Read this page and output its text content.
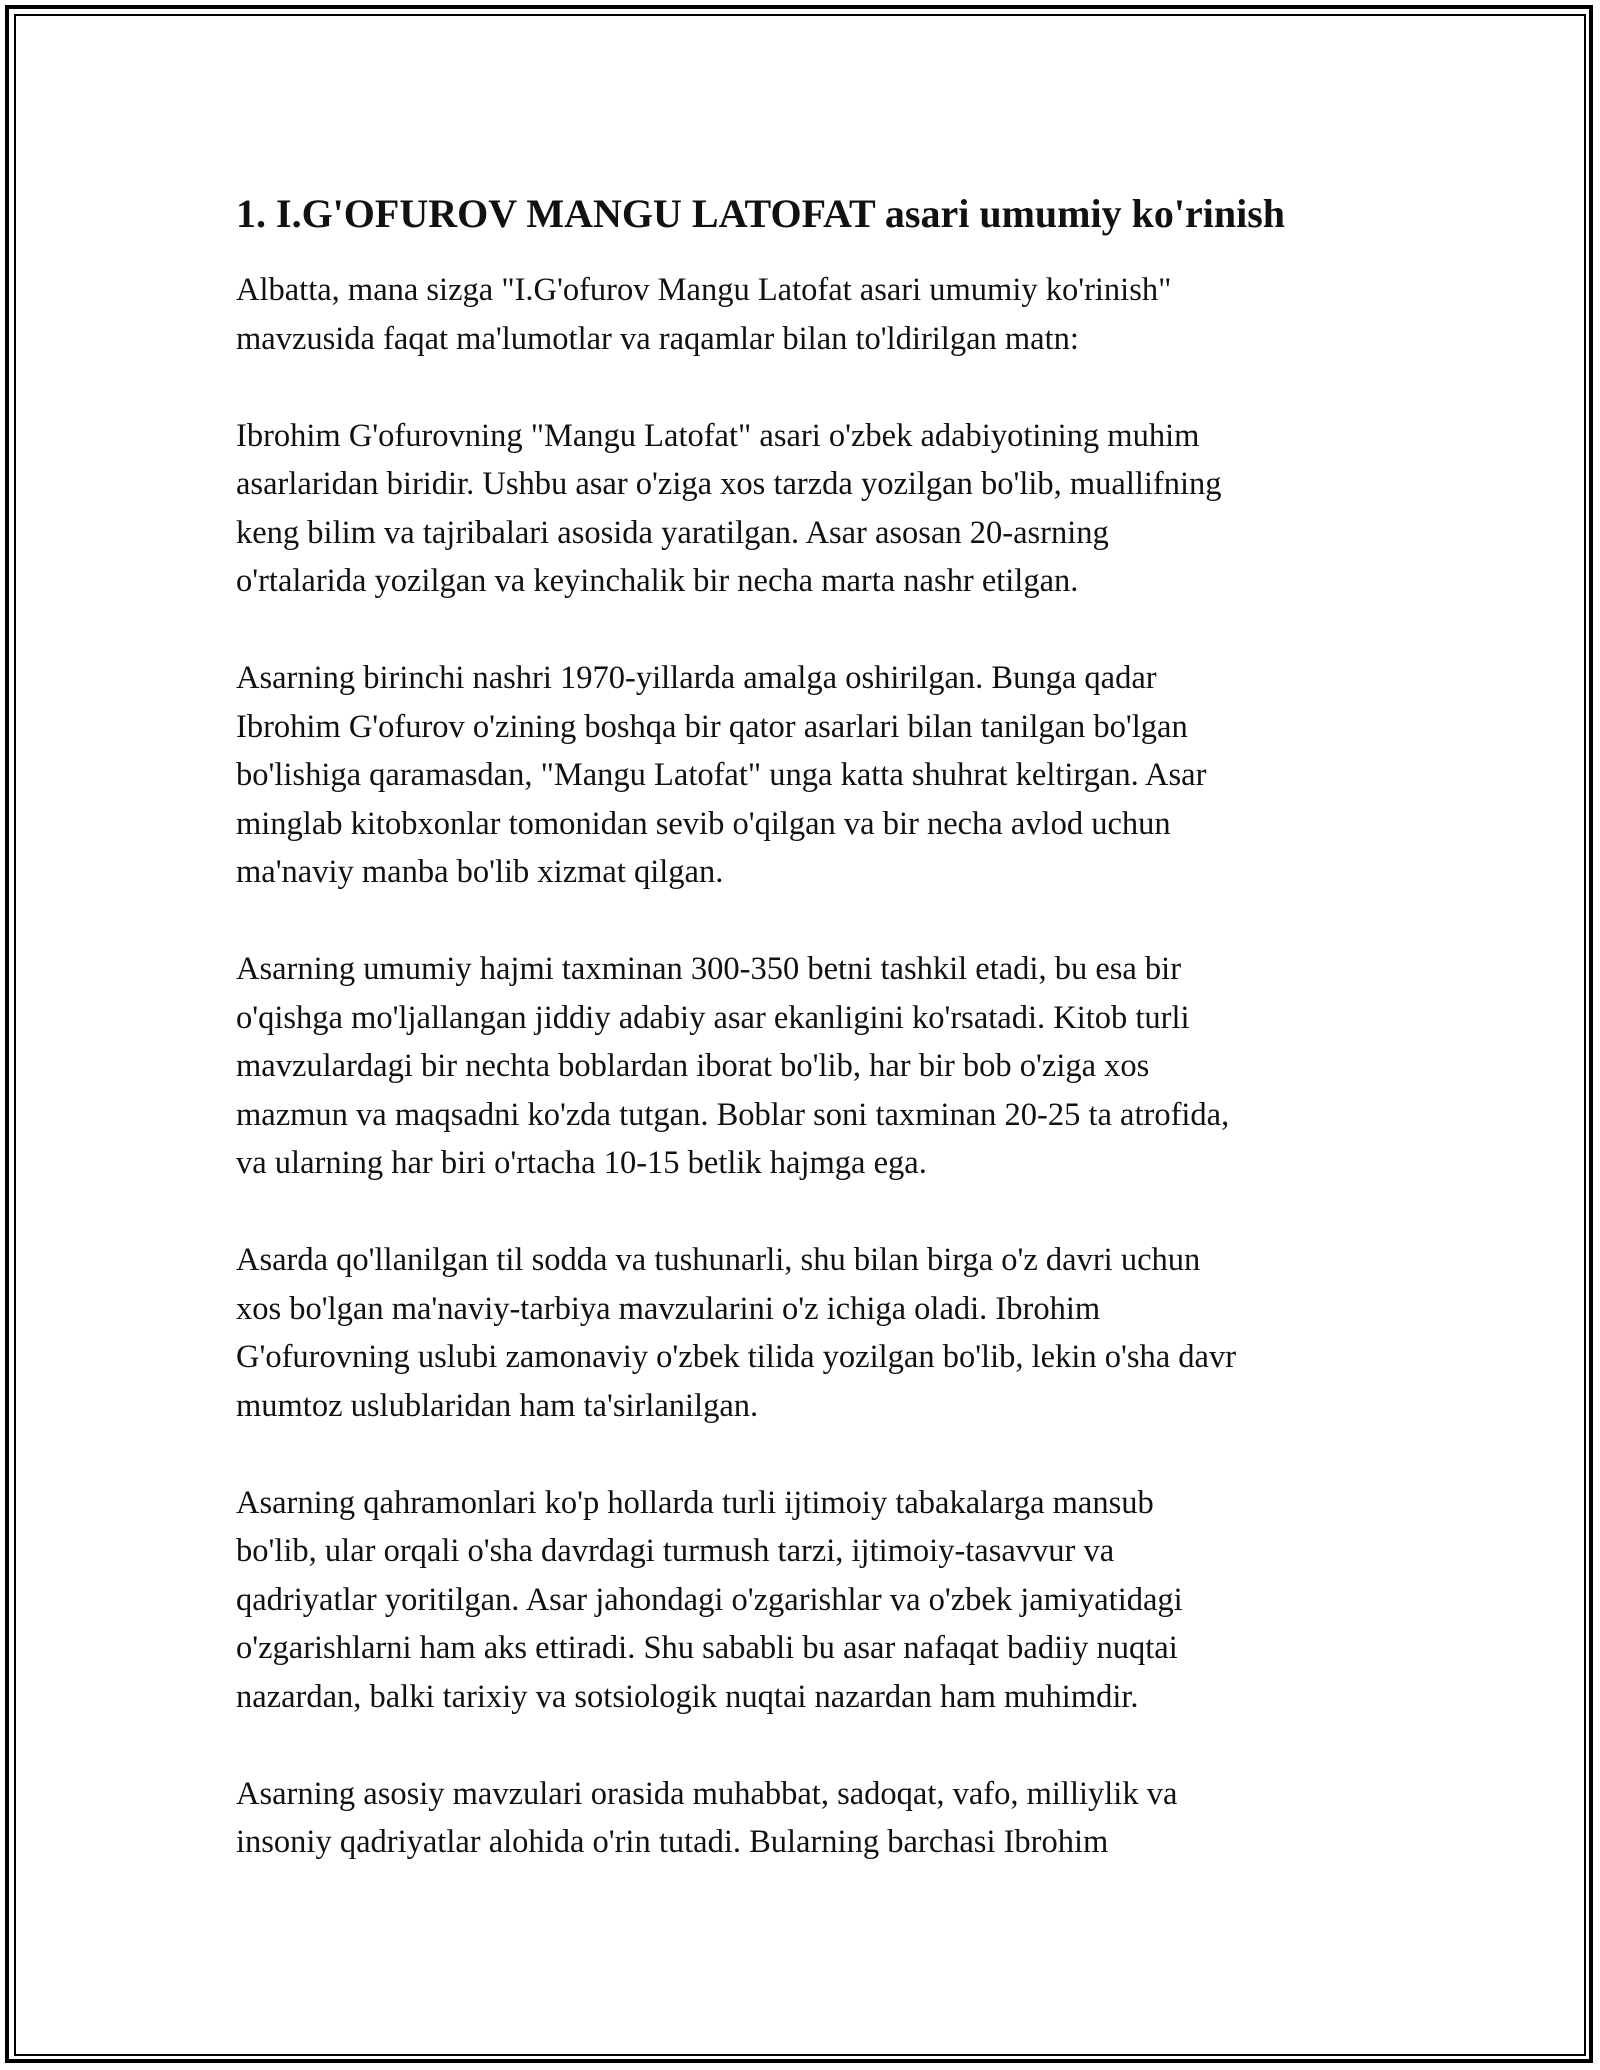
1. I.G'OFUROV MANGU LATOFAT asari umumiy ko'rinish
Albatta, mana sizga "I.G'ofurov Mangu Latofat asari umumiy ko'rinish"
mavzusida faqat ma'lumotlar va raqamlar bilan to'ldirilgan matn:
Ibrohim G'ofurovning "Mangu Latofat" asari o'zbek adabiyotining muhim
asarlaridan biridir. Ushbu asar o'ziga xos tarzda yozilgan bo'lib, muallifning
keng bilim va tajribalari asosida yaratilgan. Asar asosan 20-asrning
o'rtalarida yozilgan va keyinchalik bir necha marta nashr etilgan.
Asarning birinchi nashri 1970-yillarda amalga oshirilgan. Bunga qadar
Ibrohim G'ofurov o'zining boshqa bir qator asarlari bilan tanilgan bo'lgan
bo'lishiga qaramasdan, "Mangu Latofat" unga katta shuhrat keltirgan. Asar
minglab kitobxonlar tomonidan sevib o'qilgan va bir necha avlod uchun
ma'naviy manba bo'lib xizmat qilgan.
Asarning umumiy hajmi taxminan 300-350 betni tashkil etadi, bu esa bir
o'qishga mo'ljallangan jiddiy adabiy asar ekanligini ko'rsatadi. Kitob turli
mavzulardagi bir nechta boblardan iborat bo'lib, har bir bob o'ziga xos
mazmun va maqsadni ko'zda tutgan. Boblar soni taxminan 20-25 ta atrofida,
va ularning har biri o'rtacha 10-15 betlik hajmga ega.
Asarda qo'llanilgan til sodda va tushunarli, shu bilan birga o'z davri uchun
xos bo'lgan ma'naviy-tarbiya mavzularini o'z ichiga oladi. Ibrohim
G'ofurovning uslubi zamonaviy o'zbek tilida yozilgan bo'lib, lekin o'sha davr
mumtoz uslublaridan ham ta'sirlanilgan.
Asarning qahramonlari ko'p hollarda turli ijtimoiy tabakalarga mansub
bo'lib, ular orqali o'sha davrdagi turmush tarzi, ijtimoiy-tasavvur va
qadriyatlar yoritilgan. Asar jahondagi o'zgarishlar va o'zbek jamiyatidagi
o'zgarishlarni ham aks ettiradi. Shu sababli bu asar nafaqat badiiy nuqtai
nazardan, balki tarixiy va sotsiologik nuqtai nazardan ham muhimdir.
Asarning asosiy mavzulari orasida muhabbat, sadoqat, vafo, milliylik va
insoniy qadriyatlar alohida o'rin tutadi. Bularning barchasi Ibrohim
